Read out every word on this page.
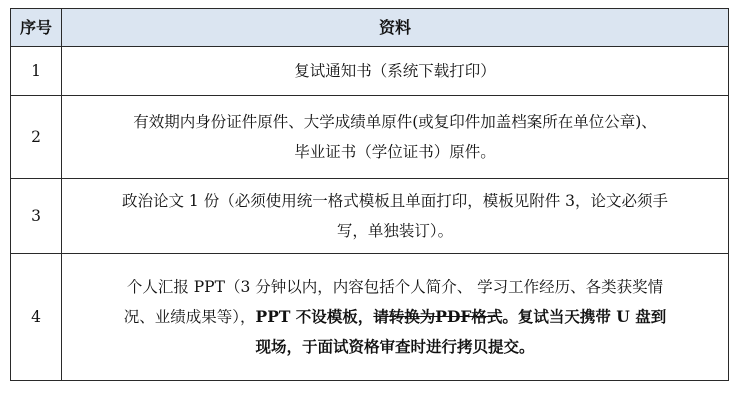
序号	资料
1	复试通知书（系统下载打印）
2	有效期内身份证件原件、大学成绩单原件(或复印件加盖档案所在单位公章)、
毕业证书（学位证书）原件。

3	政治论文 1 份（必须使用统一格式模板且单面打印，模板见附件 3，论文必须手
写，单独装订）。

4	个人汇报 PPT（3 分钟以内，内容包括个人简介、 学习工作经历、各类获奖情
况、业绩成果等），PPT 不设模板，请转换为PDF格式。复试当天携带 U 盘到
现场，于面试资格审查时进行拷贝提交。
